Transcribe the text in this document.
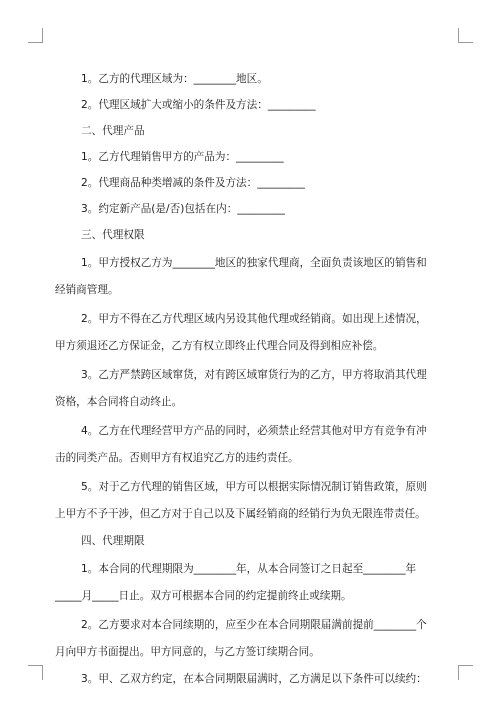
1。乙方的代理区域为：________地区。

2。代理区域扩大或缩小的条件及方法：_________

二、代理产品

1。乙方代理销售甲方的产品为：_________

2。代理商品种类增减的条件及方法：_________

3。约定新产品(是/否)包括在内：_________

三、代理权限

1。甲方授权乙方为________地区的独家代理商，全面负责该地区的销售和经销商管理。

2。甲方不得在乙方代理区域内另设其他代理或经销商。如出现上述情况，甲方须退还乙方保证金，乙方有权立即终止代理合同及得到相应补偿。

3。乙方严禁跨区域窜货，对有跨区域窜货行为的乙方，甲方将取消其代理资格，本合同将自动终止。

4。乙方在代理经营甲方产品的同时，必须禁止经营其他对甲方有竞争有冲击的同类产品。否则甲方有权追究乙方的违约责任。

5。对于乙方代理的销售区域，甲方可以根据实际情况制订销售政策，原则上甲方不予干涉，但乙方对于自己以及下属经销商的经销行为负无限连带责任。

四、代理期限

1。本合同的代理期限为________年，从本合同签订之日起至________年_____月_____日止。双方可根据本合同的约定提前终止或续期。

2。乙方要求对本合同续期的，应至少在本合同期限届满前提前________个月向甲方书面提出。甲方同意的，与乙方签订续期合同。

3。甲、乙双方约定，在本合同期限届满时，乙方满足以下条件可以续约：
